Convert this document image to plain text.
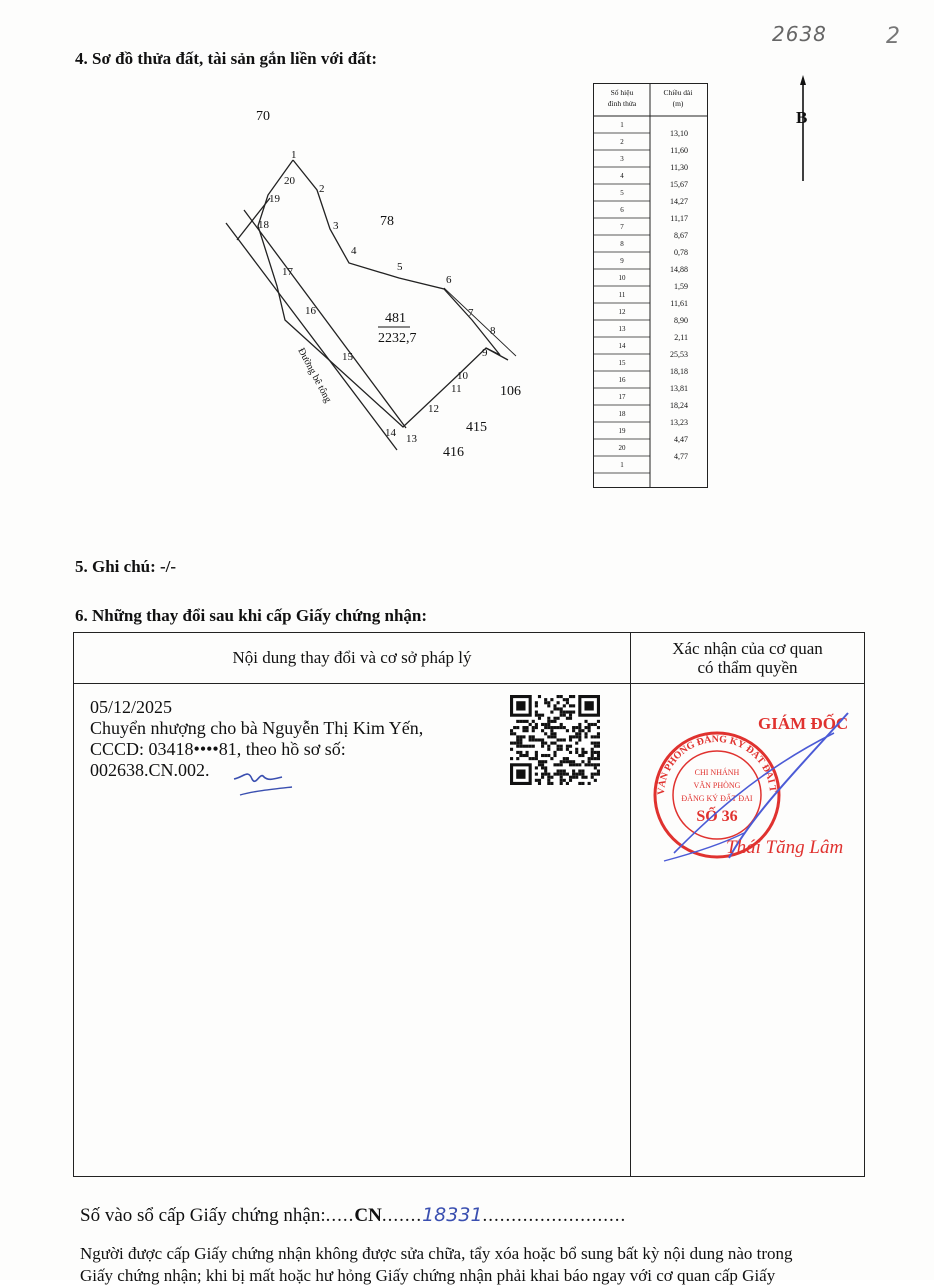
2638	2
4. Sơ đồ thửa đất, tài sản gắn liền với đất:
70
78
106
415
416
481
2232,7
Đường bê tông
1
2
3
4
5
6
7
8
9
10
11
12
13
14
15
16
17
18
19
20
Số hiệu
đỉnh thửa
Chiều dài
(m)
1
2
3
4
5
6
7
8
9
10
11
12
13
14
15
16
17
18
19
20
1
13,10
11,60
11,30
15,67
14,27
11,17
8,67
0,78
14,88
1,59
11,61
8,90
2,11
25,53
18,18
13,81
18,24
13,23
4,47
4,77
B
5. Ghi chú: -/-
6. Những thay đổi sau khi cấp Giấy chứng nhận:
Nội dung thay đổi và cơ sở pháp lý	Xác nhận của cơ quan
có thẩm quyền
05/12/2025
Chuyển nhượng cho bà Nguyễn Thị Kim Yến,
CCCD: 03418••••81, theo hồ sơ số:
002638.CN.002.
VĂN PHÒNG ĐĂNG KÝ ĐẤT ĐAI T
CHI NHÁNH
VĂN PHÒNG
ĐĂNG KÝ ĐẤT ĐAI
SỐ 36
GIÁM ĐỐC
Thái Tăng Lâm
Số vào sổ cấp Giấy chứng nhận:.....CN.......18331.........................
Người được cấp Giấy chứng nhận không được sửa chữa, tẩy xóa hoặc bổ sung bất kỳ nội dung nào trong
Giấy chứng nhận; khi bị mất hoặc hư hỏng Giấy chứng nhận phải khai báo ngay với cơ quan cấp Giấy
